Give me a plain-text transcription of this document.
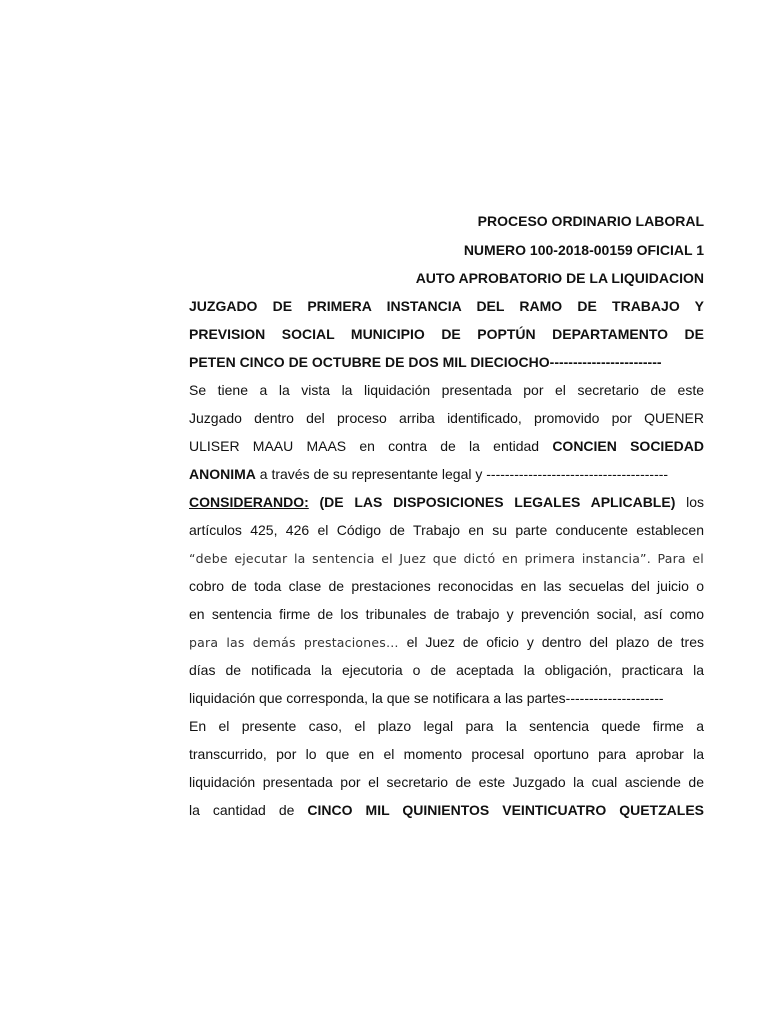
PROCESO ORDINARIO LABORAL
NUMERO 100-2018-00159 OFICIAL 1
AUTO APROBATORIO DE LA LIQUIDACION
JUZGADO DE PRIMERA INSTANCIA DEL RAMO DE TRABAJO Y
PREVISION SOCIAL MUNICIPIO DE POPTÚN DEPARTAMENTO DE
PETEN CINCO DE OCTUBRE DE DOS MIL DIECIOCHO------------------------
Se tiene a la vista la liquidación presentada por el secretario de este
Juzgado dentro del proceso arriba identificado, promovido por QUENER
ULISER MAAU MAAS en contra de la entidad CONCIEN SOCIEDAD
ANONIMA a través de su representante legal y ---------------------------------------
CONSIDERANDO: (DE LAS DISPOSICIONES LEGALES APLICABLE) los
artículos 425, 426 el Código de Trabajo en su parte conducente establecen
“debe ejecutar la sentencia el Juez que dictó en primera instancia”. Para el
cobro de toda clase de prestaciones reconocidas en las secuelas del juicio o
en sentencia firme de los tribunales de trabajo y prevención social, así como
para las demás prestaciones… el Juez de oficio y dentro del plazo de tres
días de notificada la ejecutoria o de aceptada la obligación, practicara la
liquidación que corresponda, la que se notificara a las partes---------------------
En el presente caso, el plazo legal para la sentencia quede firme a
transcurrido, por lo que en el momento procesal oportuno para aprobar la
liquidación presentada por el secretario de este Juzgado la cual asciende de
la cantidad de CINCO MIL QUINIENTOS VEINTICUATRO QUETZALES
